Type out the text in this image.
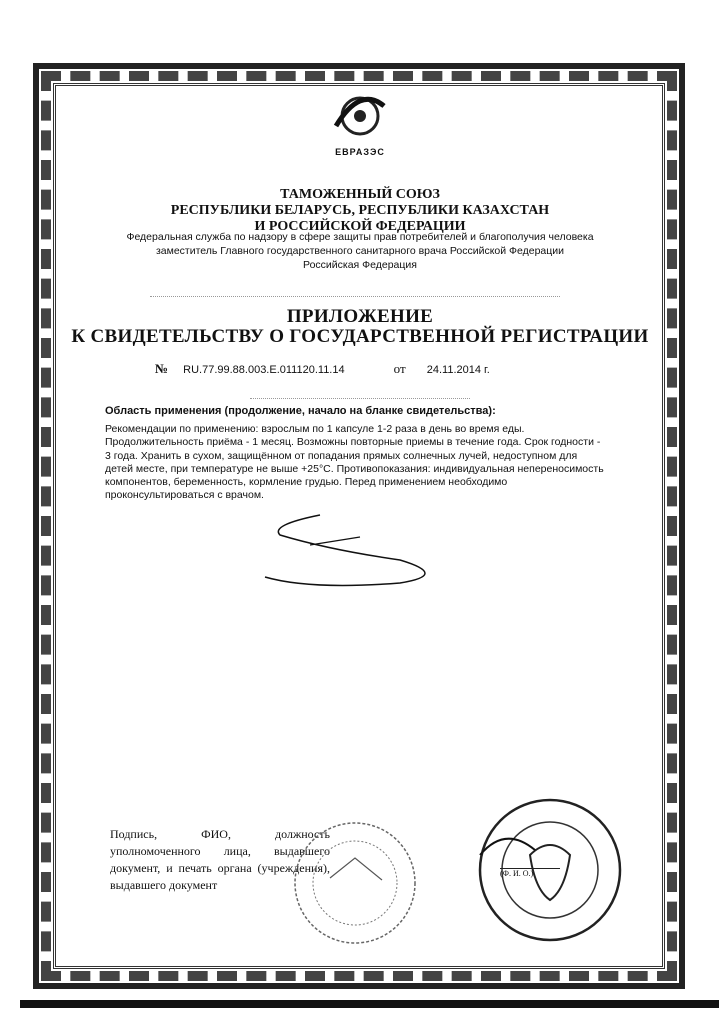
ЕВРАЗЭС
ТАМОЖЕННЫЙ СОЮЗ
РЕСПУБЛИКИ БЕЛАРУСЬ, РЕСПУБЛИКИ КАЗАХСТАН
И РОССИЙСКОЙ ФЕДЕРАЦИИ
Федеральная служба по надзору в сфере защиты прав потребителей и благополучия человека
заместитель Главного государственного санитарного врача Российской Федерации
Российская Федерация
ПРИЛОЖЕНИЕ
К СВИДЕТЕЛЬСТВУ О ГОСУДАРСТВЕННОЙ РЕГИСТРАЦИИ
№ RU.77.99.88.003.E.011120.11.14	от 24.11.2014 г.
Область применения (продолжение, начало на бланке свидетельства):
Рекомендации по применению: взрослым по 1 капсуле 1-2 раза в день во время еды. Продолжительность приёма - 1 месяц. Возможны повторные приемы в течение года. Срок годности - 3 года. Хранить в сухом, защищённом от попадания прямых солнечных лучей, недоступном для детей месте, при температуре не выше +25°С. Противопоказания: индивидуальная непереносимость компонентов, беременность, кормление грудью. Перед применением необходимо проконсультироваться с врачом.
Подпись, ФИО, должность уполномоченного лица, выдавшего документ, и печать органа (учреждения), выдавшего документ
(Ф. И. О.)
